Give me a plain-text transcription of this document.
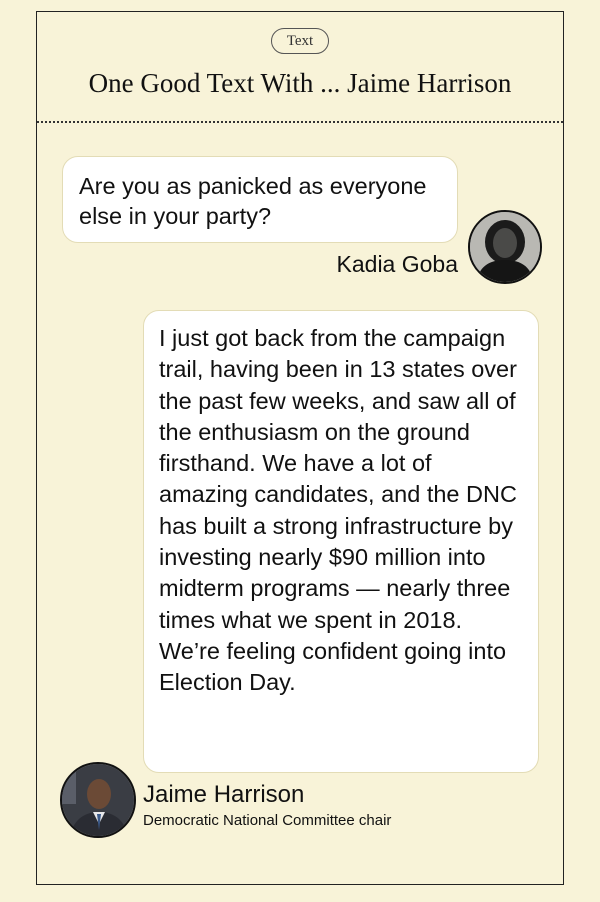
Text
One Good Text With ... Jaime Harrison
Are you as panicked as everyone else in your party?
Kadia Goba
I just got back from the campaign trail, having been in 13 states over the past few weeks, and saw all of the enthusiasm on the ground firsthand. We have a lot of amazing candidates, and the DNC has built a strong infrastructure by investing nearly $90 million into midterm programs — nearly three times what we spent in 2018. We’re feeling confident going into Election Day.
Jaime Harrison
Democratic National Committee chair
